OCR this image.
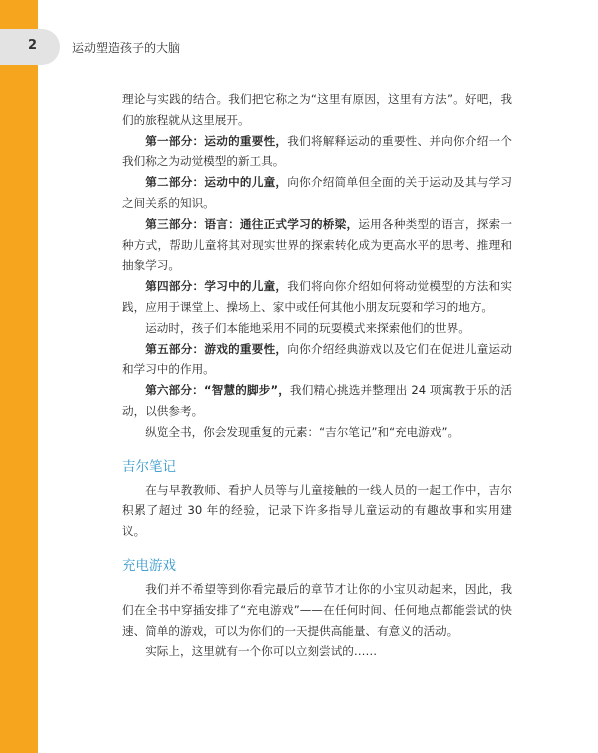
2	运动塑造孩子的大脑

理论与实践的结合。我们把它称之为“这里有原因，这里有方法”。好吧，我们的旅程就从这里展开。

第一部分：运动的重要性，我们将解释运动的重要性、并向你介绍一个我们称之为动觉模型的新工具。

第二部分：运动中的儿童，向你介绍简单但全面的关于运动及其与学习之间关系的知识。

第三部分：语言：通往正式学习的桥梁，运用各种类型的语言，探索一种方式，帮助儿童将其对现实世界的探索转化成为更高水平的思考、推理和抽象学习。

第四部分：学习中的儿童，我们将向你介绍如何将动觉模型的方法和实践，应用于课堂上、操场上、家中或任何其他小朋友玩耍和学习的地方。

运动时，孩子们本能地采用不同的玩耍模式来探索他们的世界。

第五部分：游戏的重要性，向你介绍经典游戏以及它们在促进儿童运动和学习中的作用。

第六部分：“智慧的脚步”，我们精心挑选并整理出 24 项寓教于乐的活动，以供参考。

纵览全书，你会发现重复的元素：“吉尔笔记”和“充电游戏”。

吉尔笔记

在与早教教师、看护人员等与儿童接触的一线人员的一起工作中，吉尔积累了超过 30 年的经验，记录下许多指导儿童运动的有趣故事和实用建议。

充电游戏

我们并不希望等到你看完最后的章节才让你的小宝贝动起来，因此，我们在全书中穿插安排了“充电游戏”——在任何时间、任何地点都能尝试的快速、简单的游戏，可以为你们的一天提供高能量、有意义的活动。

实际上，这里就有一个你可以立刻尝试的……
